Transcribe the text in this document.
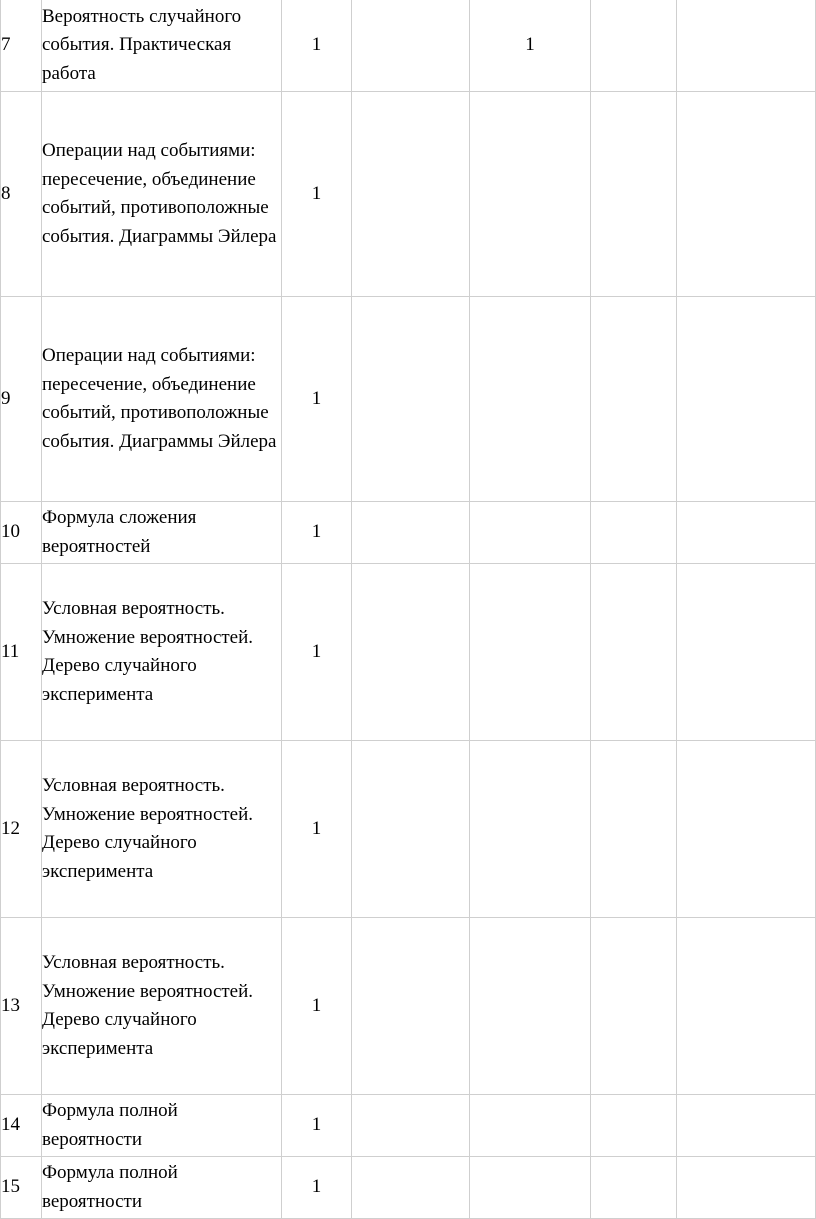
7	Вероятность случайного события. Практическая работа	1		1		
8	Операции над событиями: пересечение, объединение событий, противоположные события. Диаграммы Эйлера	1				
9	Операции над событиями: пересечение, объединение событий, противоположные события. Диаграммы Эйлера	1				
10	Формула сложения вероятностей	1				
11	Условная вероятность. Умножение вероятностей. Дерево случайного эксперимента	1				
12	Условная вероятность. Умножение вероятностей. Дерево случайного эксперимента	1				
13	Условная вероятность. Умножение вероятностей. Дерево случайного эксперимента	1				
14	Формула полной вероятности	1				
15	Формула полной вероятности	1				
